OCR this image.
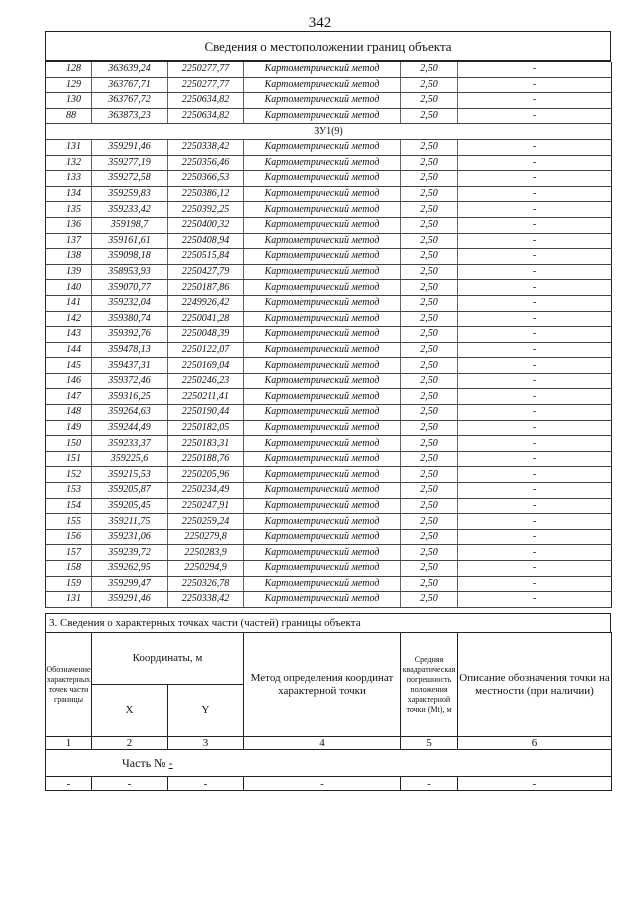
342
Сведения о местоположении границ объекта
128	363639,24	2250277,77	Картометрический метод	2,50	-
129	363767,71	2250277,77	Картометрический метод	2,50	-
130	363767,72	2250634,82	Картометрический метод	2,50	-
88	363873,23	2250634,82	Картометрический метод	2,50	-
ЗУ1(9)					
131	359291,46	2250338,42	Картометрический метод	2,50	-
132	359277,19	2250356,46	Картометрический метод	2,50	-
133	359272,58	2250366,53	Картометрический метод	2,50	-
134	359259,83	2250386,12	Картометрический метод	2,50	-
135	359233,42	2250392,25	Картометрический метод	2,50	-
136	359198,7	2250400,32	Картометрический метод	2,50	-
137	359161,61	2250408,94	Картометрический метод	2,50	-
138	359098,18	2250515,84	Картометрический метод	2,50	-
139	358953,93	2250427,79	Картометрический метод	2,50	-
140	359070,77	2250187,86	Картометрический метод	2,50	-
141	359232,04	2249926,42	Картометрический метод	2,50	-
142	359380,74	2250041,28	Картометрический метод	2,50	-
143	359392,76	2250048,39	Картометрический метод	2,50	-
144	359478,13	2250122,07	Картометрический метод	2,50	-
145	359437,31	2250169,04	Картометрический метод	2,50	-
146	359372,46	2250246,23	Картометрический метод	2,50	-
147	359316,25	2250211,41	Картометрический метод	2,50	-
148	359264,63	2250190,44	Картометрический метод	2,50	-
149	359244,49	2250182,05	Картометрический метод	2,50	-
150	359233,37	2250183,31	Картометрический метод	2,50	-
151	359225,6	2250188,76	Картометрический метод	2,50	-
152	359215,53	2250205,96	Картометрический метод	2,50	-
153	359205,87	2250234,49	Картометрический метод	2,50	-
154	359205,45	2250247,91	Картометрический метод	2,50	-
155	359211,75	2250259,24	Картометрический метод	2,50	-
156	359231,06	2250279,8	Картометрический метод	2,50	-
157	359239,72	2250283,9	Картометрический метод	2,50	-
158	359262,95	2250294,9	Картометрический метод	2,50	-
159	359299,47	2250326,78	Картометрический метод	2,50	-
131	359291,46	2250338,42	Картометрический метод	2,50	-
3. Сведения о характерных точках части (частей) границы объекта
Обозначение характерных точек части границы	Координаты, м		Метод определения координат характерной точки	Средняя квадратическая погрешность положения характерной точки (Mt), м	Описание обозначения точки на местности (при наличии)
	X	Y			
1	2	3	4	5	6
Часть № -					
-	-	-	-	-	-
